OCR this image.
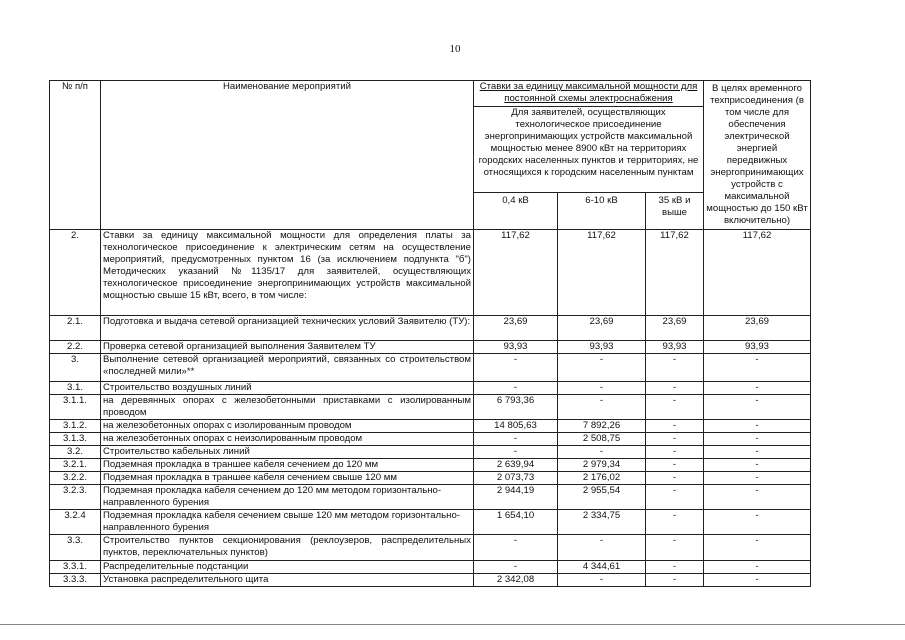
10
№ п/п	Наименование мероприятий	Ставки за единицу максимальной мощности для постоянной схемы электроснабжения			В целях временного техприсоединения (в том числе для обеспечения электрической энергией передвижных энергопринимающих устройств с максимальной мощностью до 150 кВт включительно)
		Для заявителей, осуществляющих технологическое присоединение энергопринимающих устройств максимальной мощностью менее 8900 кВт на территориях городских населенных пунктов и территориях, не относящихся к городским населенным пунктам			
		0,4 кВ	6-10 кВ	35 кВ и выше	
2.	Ставки за единицу максимальной мощности для определения платы за технологическое присоединение к электрическим сетям на осуществление мероприятий, предусмотренных пунктом 16 (за исключением подпункта "б") Методических указаний №1135/17 для заявителей, осуществляющих технологическое присоединение энергопринимающих устройств максимальной мощностью свыше 15 кВт, всего, в том числе:	117,62	117,62	117,62	117,62
2.1.	Подготовка и выдача сетевой организацией технических условий Заявителю (ТУ):	23,69	23,69	23,69	23,69
2.2.	Проверка сетевой организацией выполнения Заявителем ТУ	93,93	93,93	93,93	93,93
3.	Выполнение сетевой организацией мероприятий, связанных со строительством «последней мили»**	-	-	-	-
3.1.	Строительство воздушных линий	-	-	-	-
3.1.1.	на деревянных опорах с железобетонными приставками с изолированным проводом	6 793,36	-	-	-
3.1.2.	на железобетонных опорах с изолированным проводом	14 805,63	7 892,26	-	-
3.1.3.	на железобетонных опорах с неизолированным проводом	-	2 508,75	-	-
3.2.	Строительство кабельных линий	-	-	-	-
3.2.1.	Подземная прокладка в траншее кабеля сечением до 120 мм	2 639,94	2 979,34	-	-
3.2.2.	Подземная прокладка в траншее кабеля сечением свыше 120 мм	2 073,73	2 176,02	-	-
3.2.3.	Подземная прокладка кабеля сечением до 120 мм методом горизонтально-направленного бурения	2 944,19	2 955,54	-	-
3.2.4	Подземная прокладка кабеля сечением свыше 120 мм методом горизонтально-направленного бурения	1 654,10	2 334,75	-	-
3.3.	Строительство пунктов секционирования (реклоузеров, распределительных пунктов, переключательных пунктов)	-	-	-	-
3.3.1.	Распределительные подстанции	-	4 344,61	-	-
3.3.3.	Установка распределительного щита	2 342,08	-	-	-
